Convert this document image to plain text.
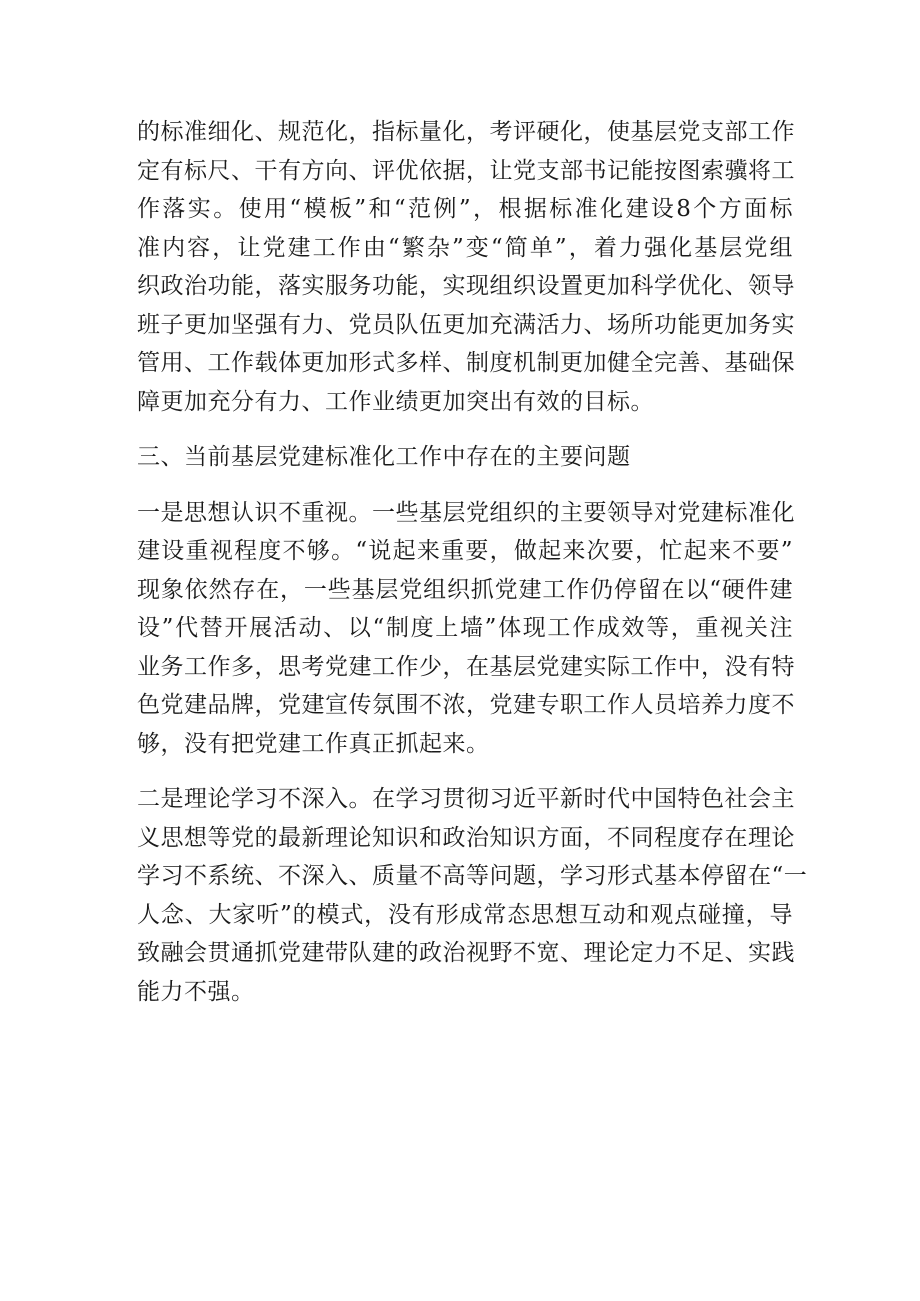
的标准细化、规范化，指标量化，考评硬化，使基层党支部工作
定有标尺、干有方向、评优依据，让党支部书记能按图索骥将工
作落实。使用“模板”和“范例”，根据标准化建设8个方面标
准内容，让党建工作由“繁杂”变“简单”，着力强化基层党组
织政治功能，落实服务功能，实现组织设置更加科学优化、领导
班子更加坚强有力、党员队伍更加充满活力、场所功能更加务实
管用、工作载体更加形式多样、制度机制更加健全完善、基础保
障更加充分有力、工作业绩更加突出有效的目标。
三、当前基层党建标准化工作中存在的主要问题
一是思想认识不重视。一些基层党组织的主要领导对党建标准化
建设重视程度不够。“说起来重要，做起来次要，忙起来不要”
现象依然存在，一些基层党组织抓党建工作仍停留在以“硬件建
设”代替开展活动、以“制度上墙”体现工作成效等，重视关注
业务工作多，思考党建工作少，在基层党建实际工作中，没有特
色党建品牌，党建宣传氛围不浓，党建专职工作人员培养力度不
够，没有把党建工作真正抓起来。
二是理论学习不深入。在学习贯彻习近平新时代中国特色社会主
义思想等党的最新理论知识和政治知识方面，不同程度存在理论
学习不系统、不深入、质量不高等问题，学习形式基本停留在“一
人念、大家听”的模式，没有形成常态思想互动和观点碰撞，导
致融会贯通抓党建带队建的政治视野不宽、理论定力不足、实践
能力不强。
